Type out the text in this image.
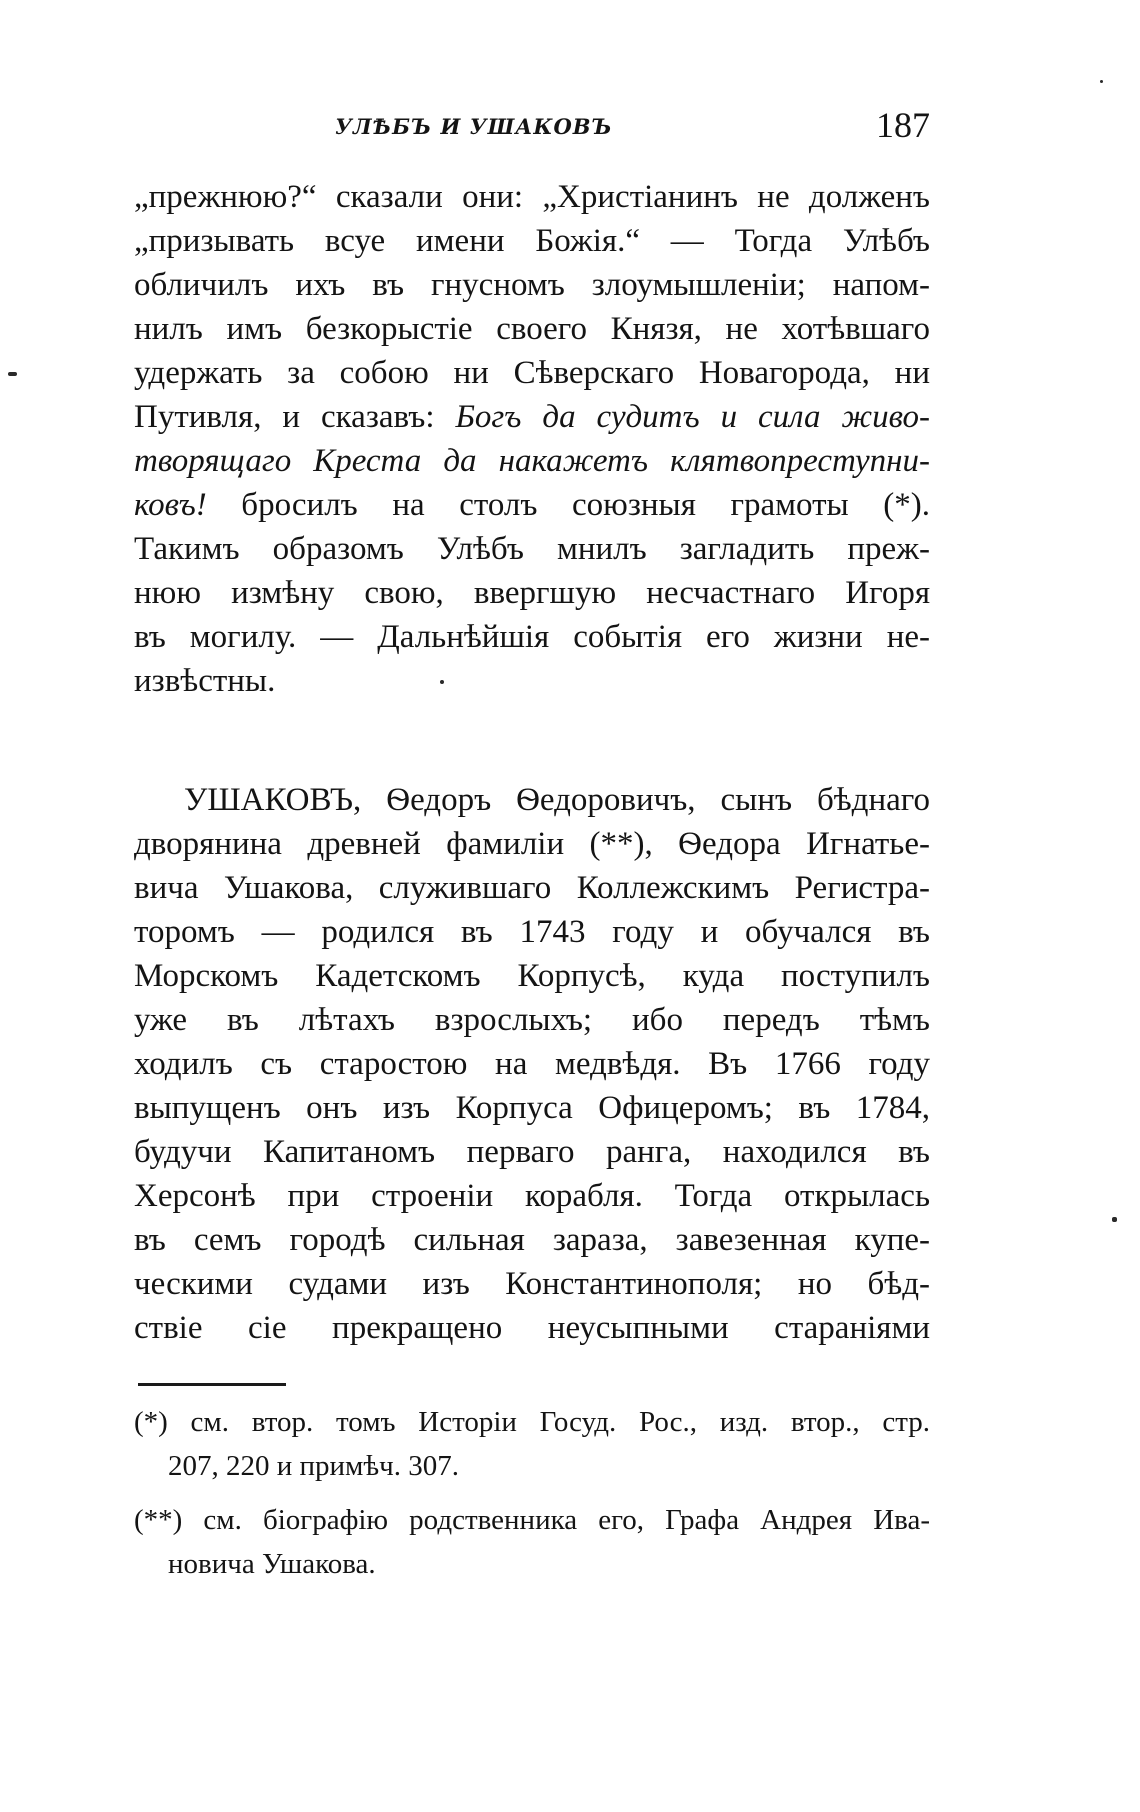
УЛѢБЪ И УШАКОВЪ	187
„прежнюю?“ сказали они: „Христіанинъ не долженъ
„призывать всуе имени Божія.“ — Тогда Улѣбъ
обличилъ ихъ въ гнусномъ злоумышленіи; напом-
нилъ имъ безкорыстіе своего Князя, не хотѣвшаго
удержать за собою ни Сѣверскаго Новагорода, ни
Путивля, и сказавъ: Богъ да судитъ и сила живо-
творящаго Креста да накажетъ клятвопреступни-
ковъ! бросилъ на столъ союзныя грамоты (*).
Такимъ образомъ Улѣбъ мнилъ загладить преж-
нюю измѣну свою, ввергшую несчастнаго Игоря
въ могилу. — Дальнѣйшія событія его жизни не-
извѣстны.
УШАКОВЪ, Ѳедоръ Ѳедоровичъ, сынъ бѣднаго
дворянина древней фамиліи (**), Ѳедора Игнатье-
вича Ушакова, служившаго Коллежскимъ Регистра-
торомъ — родился въ 1743 году и обучался въ
Морскомъ Кадетскомъ Корпусѣ, куда поступилъ
уже въ лѣтахъ взрослыхъ; ибо передъ тѣмъ
ходилъ съ старостою на медвѣдя. Въ 1766 году
выпущенъ онъ изъ Корпуса Офицеромъ; въ 1784,
будучи Капитаномъ перваго ранга, находился въ
Херсонѣ при строеніи корабля. Тогда открылась
въ семъ городѣ сильная зараза, завезенная купе-
ческими судами изъ Константинополя; но бѣд-
ствіе сіе прекращено неусыпными стараніями
(*) см. втор. томъ Исторіи Госуд. Рос., изд. втор., стр.
207, 220 и примѣч. 307.
(**) см. біографію родственника его, Графа Андрея Ива-
новича Ушакова.
